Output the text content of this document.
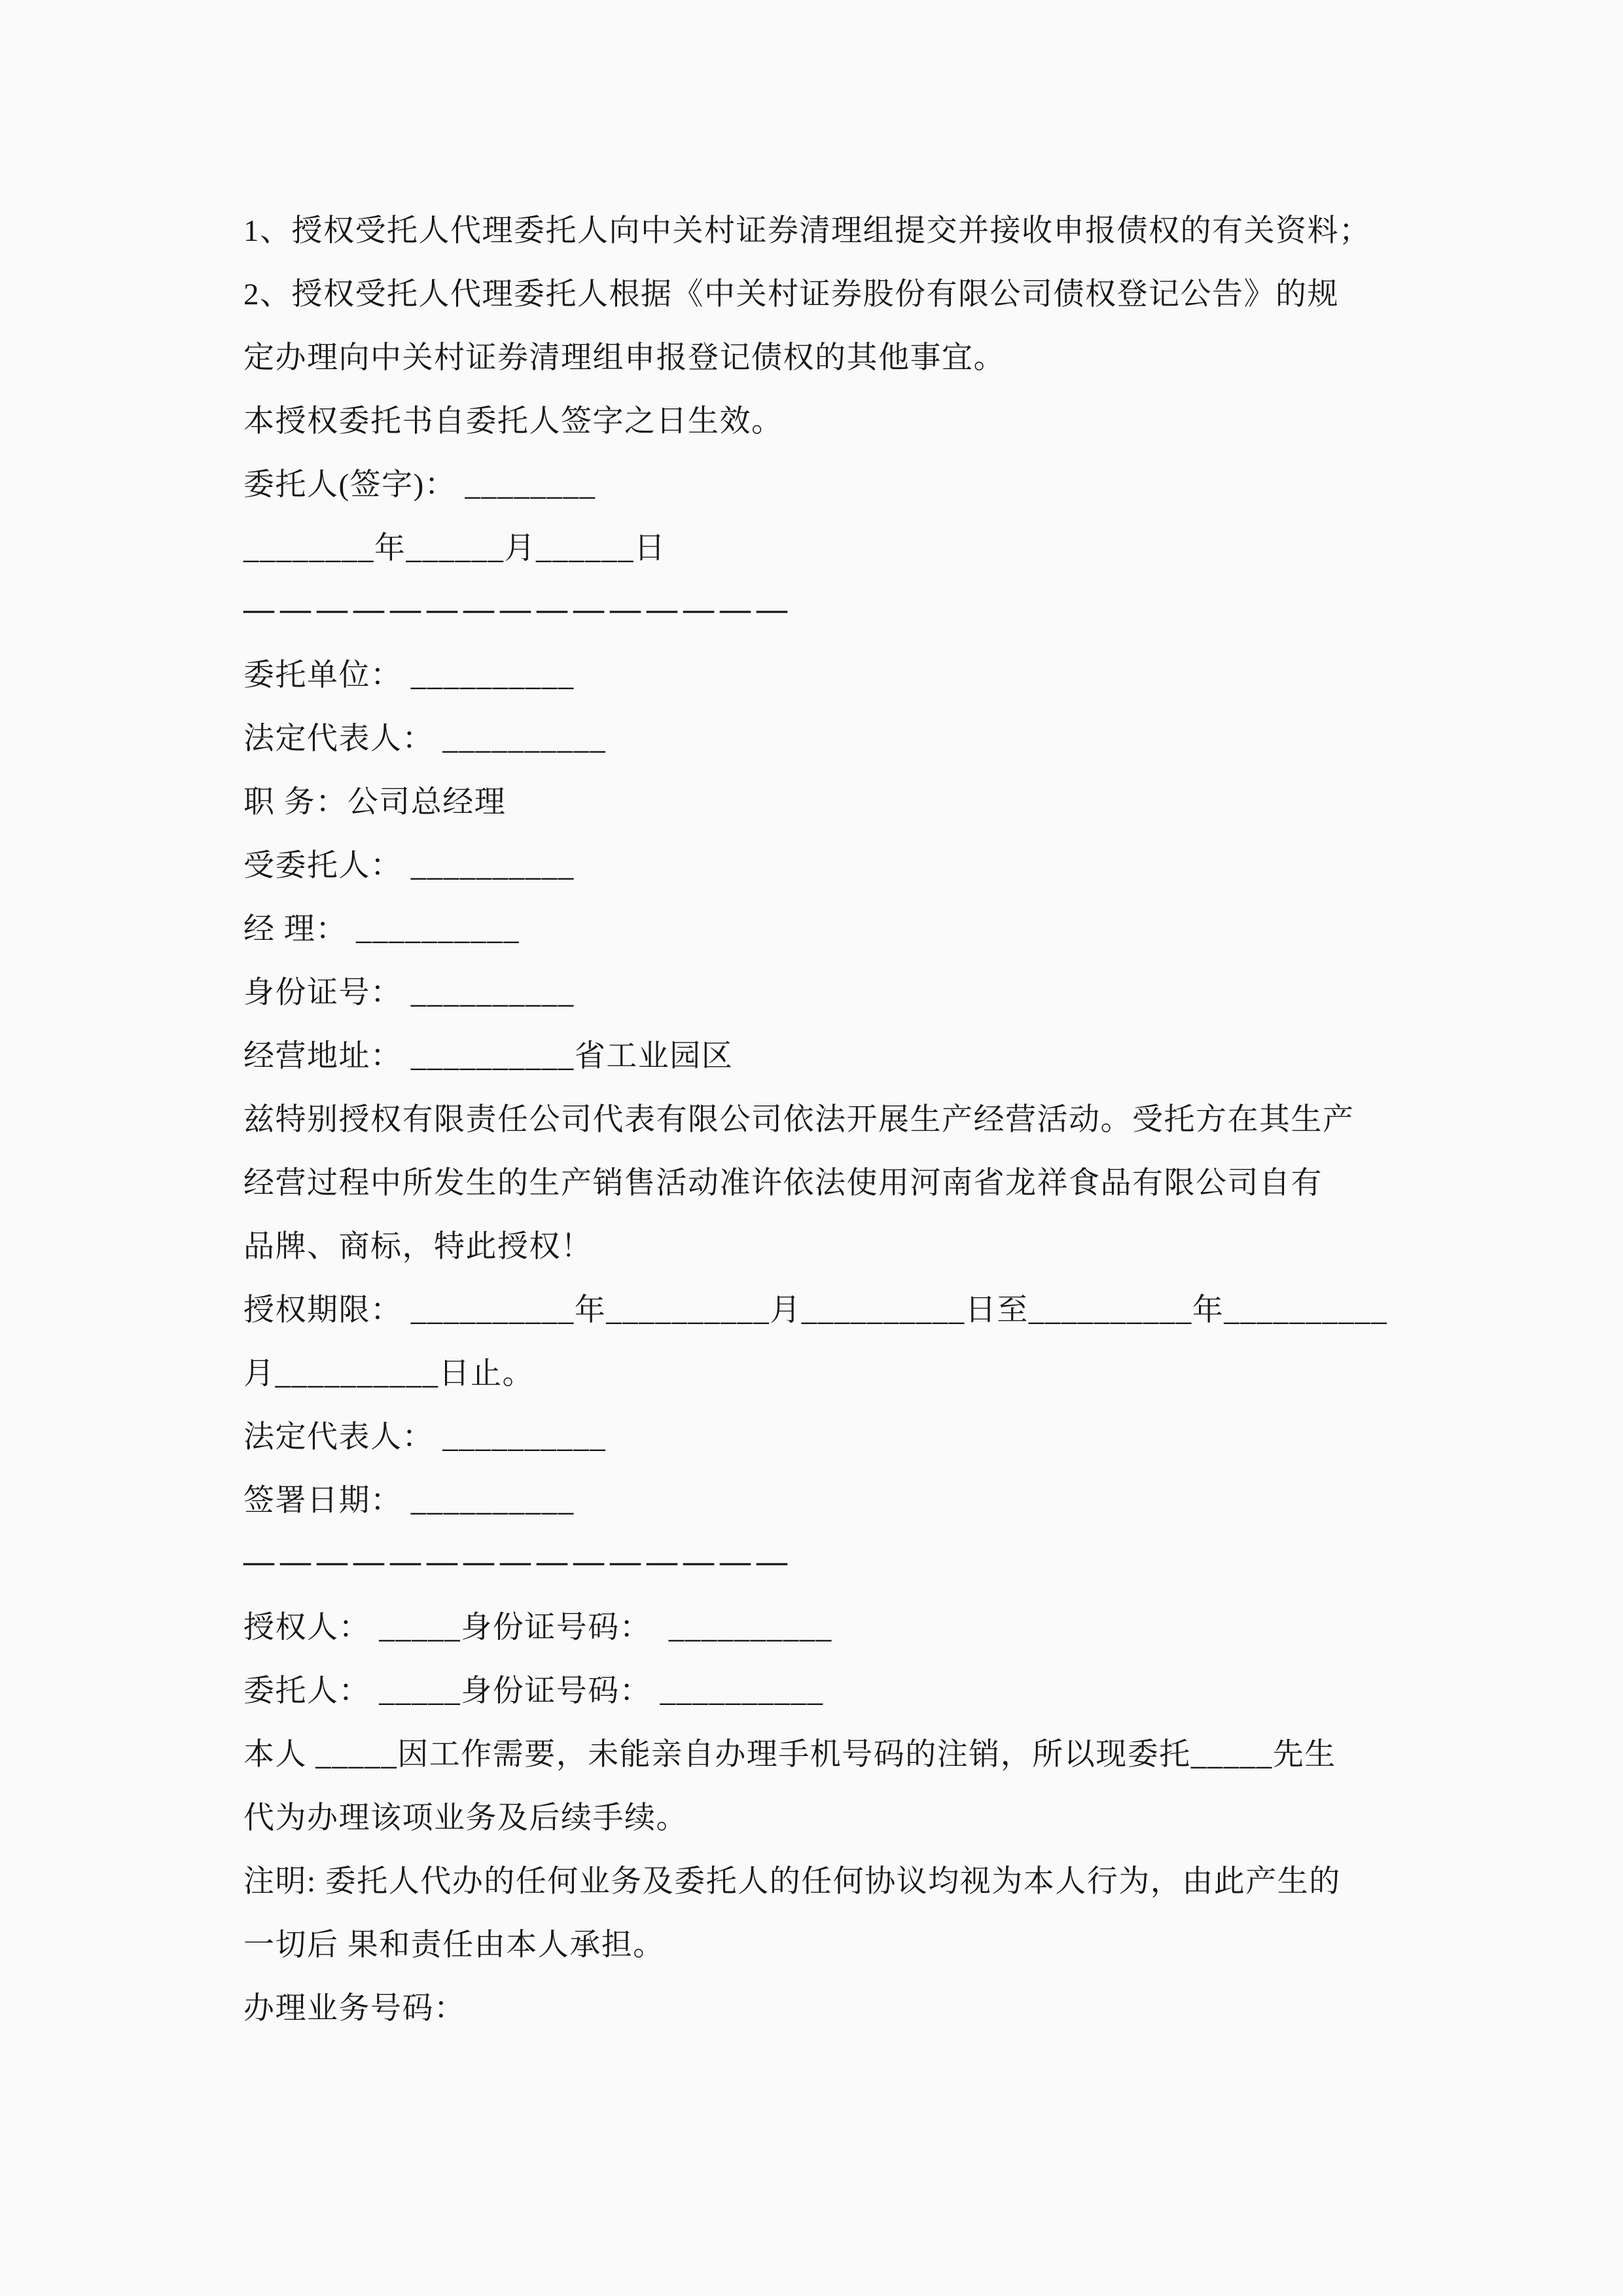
1、授权受托人代理委托人向中关村证券清理组提交并接收申报债权的有关资料；
2、授权受托人代理委托人根据《中关村证券股份有限公司债权登记公告》的规
定办理向中关村证券清理组申报登记债权的其他事宜。
本授权委托书自委托人签字之日生效。
委托人(签字)： ________
________年______月______日
———————————————
委托单位： __________
法定代表人： __________
职 务：公司总经理
受委托人： __________
经 理： __________
身份证号： __________
经营地址： __________省工业园区
兹特别授权有限责任公司代表有限公司依法开展生产经营活动。受托方在其生产
经营过程中所发生的生产销售活动准许依法使用河南省龙祥食品有限公司自有
品牌、商标，特此授权！
授权期限： __________年__________月__________日至__________年__________
月__________日止。
法定代表人： __________
签署日期： __________
———————————————
授权人： _____身份证号码：  __________
委托人： _____身份证号码： __________
本人 _____因工作需要，未能亲自办理手机号码的注销，所以现委托_____先生
代为办理该项业务及后续手续。
注明: 委托人代办的任何业务及委托人的任何协议均视为本人行为，由此产生的
一切后 果和责任由本人承担。
办理业务号码：
